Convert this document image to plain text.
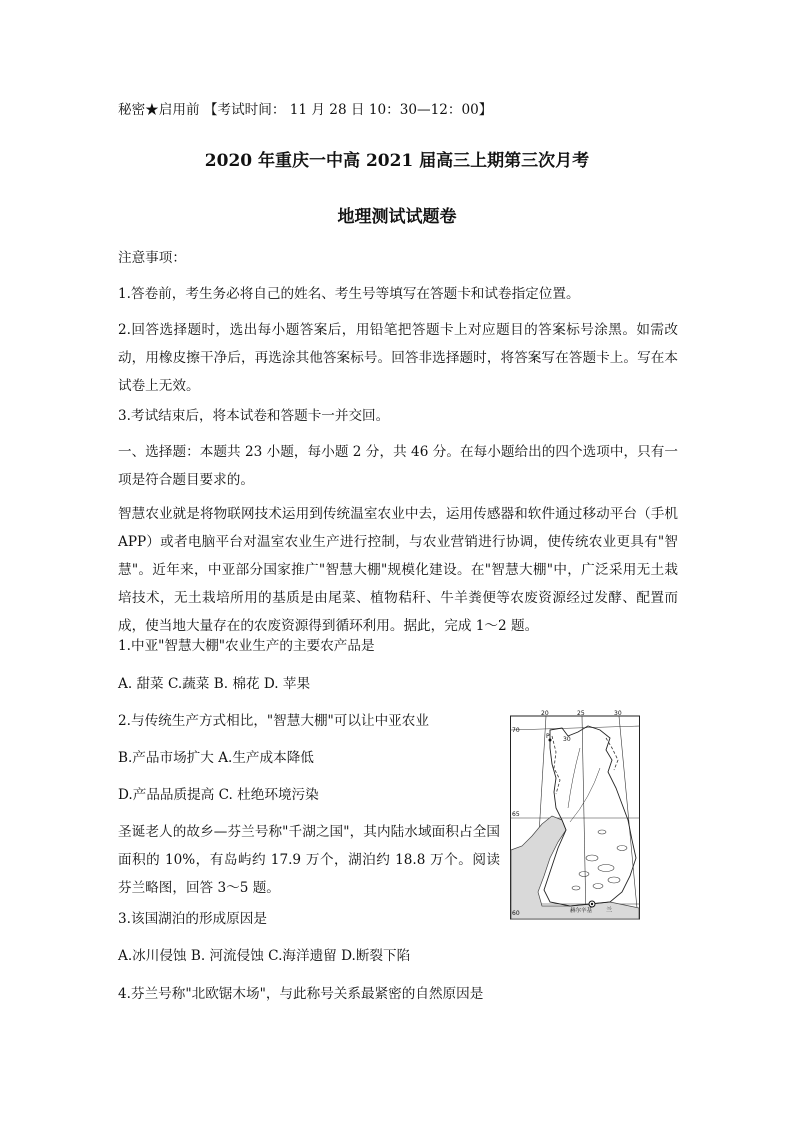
秘密★启用前 【考试时间： 11 月 28 日 10：30—12：00】

2020 年重庆一中高 2021 届高三上期第三次月考

地理测试试题卷

注意事项：

1.答卷前，考生务必将自己的姓名、考生号等填写在答题卡和试卷指定位置。

2.回答选择题时，选出每小题答案后，用铅笔把答题卡上对应题目的答案标号涂黑。如需改动，用橡皮擦干净后，再选涂其他答案标号。回答非选择题时，将答案写在答题卡上。写在本试卷上无效。

3.考试结束后，将本试卷和答题卡一并交回。

一、选择题：本题共 23 小题，每小题 2 分，共 46 分。在每小题给出的四个选项中，只有一项是符合题目要求的。

智慧农业就是将物联网技术运用到传统温室农业中去，运用传感器和软件通过移动平台（手机 APP）或者电脑平台对温室农业生产进行控制，与农业营销进行协调，使传统农业更具有"智慧"。近年来，中亚部分国家推广"智慧大棚"规模化建设。在"智慧大棚"中，广泛采用无土栽培技术，无土栽培所用的基质是由尾菜、植物秸秆、牛羊粪便等农废资源经过发酵、配置而成，使当地大量存在的农废资源得到循环利用。据此，完成 1～2 题。

1.中亚"智慧大棚"农业生产的主要农产品是

A. 甜菜 C.蔬菜 B. 棉花 D. 苹果

2.与传统生产方式相比，"智慧大棚"可以让中亚农业

B.产品市场扩大 A.生产成本降低

D.产品品质提高 C. 杜绝环境污染

圣诞老人的故乡—芬兰号称"千湖之国"，其内陆水域面积占全国面积的 10%，有岛屿约 17.9 万个，湖泊约 18.8 万个。阅读芬兰略图，回答 3～5 题。

3.该国湖泊的形成原因是

A.冰川侵蚀 B. 河流侵蚀 C.海洋遗留 D.断裂下陷

4.芬兰号称"北欧锯木场"，与此称号关系最紧密的自然原因是

20	25	30
70
65
60
30
P
赫尔辛基 兰
